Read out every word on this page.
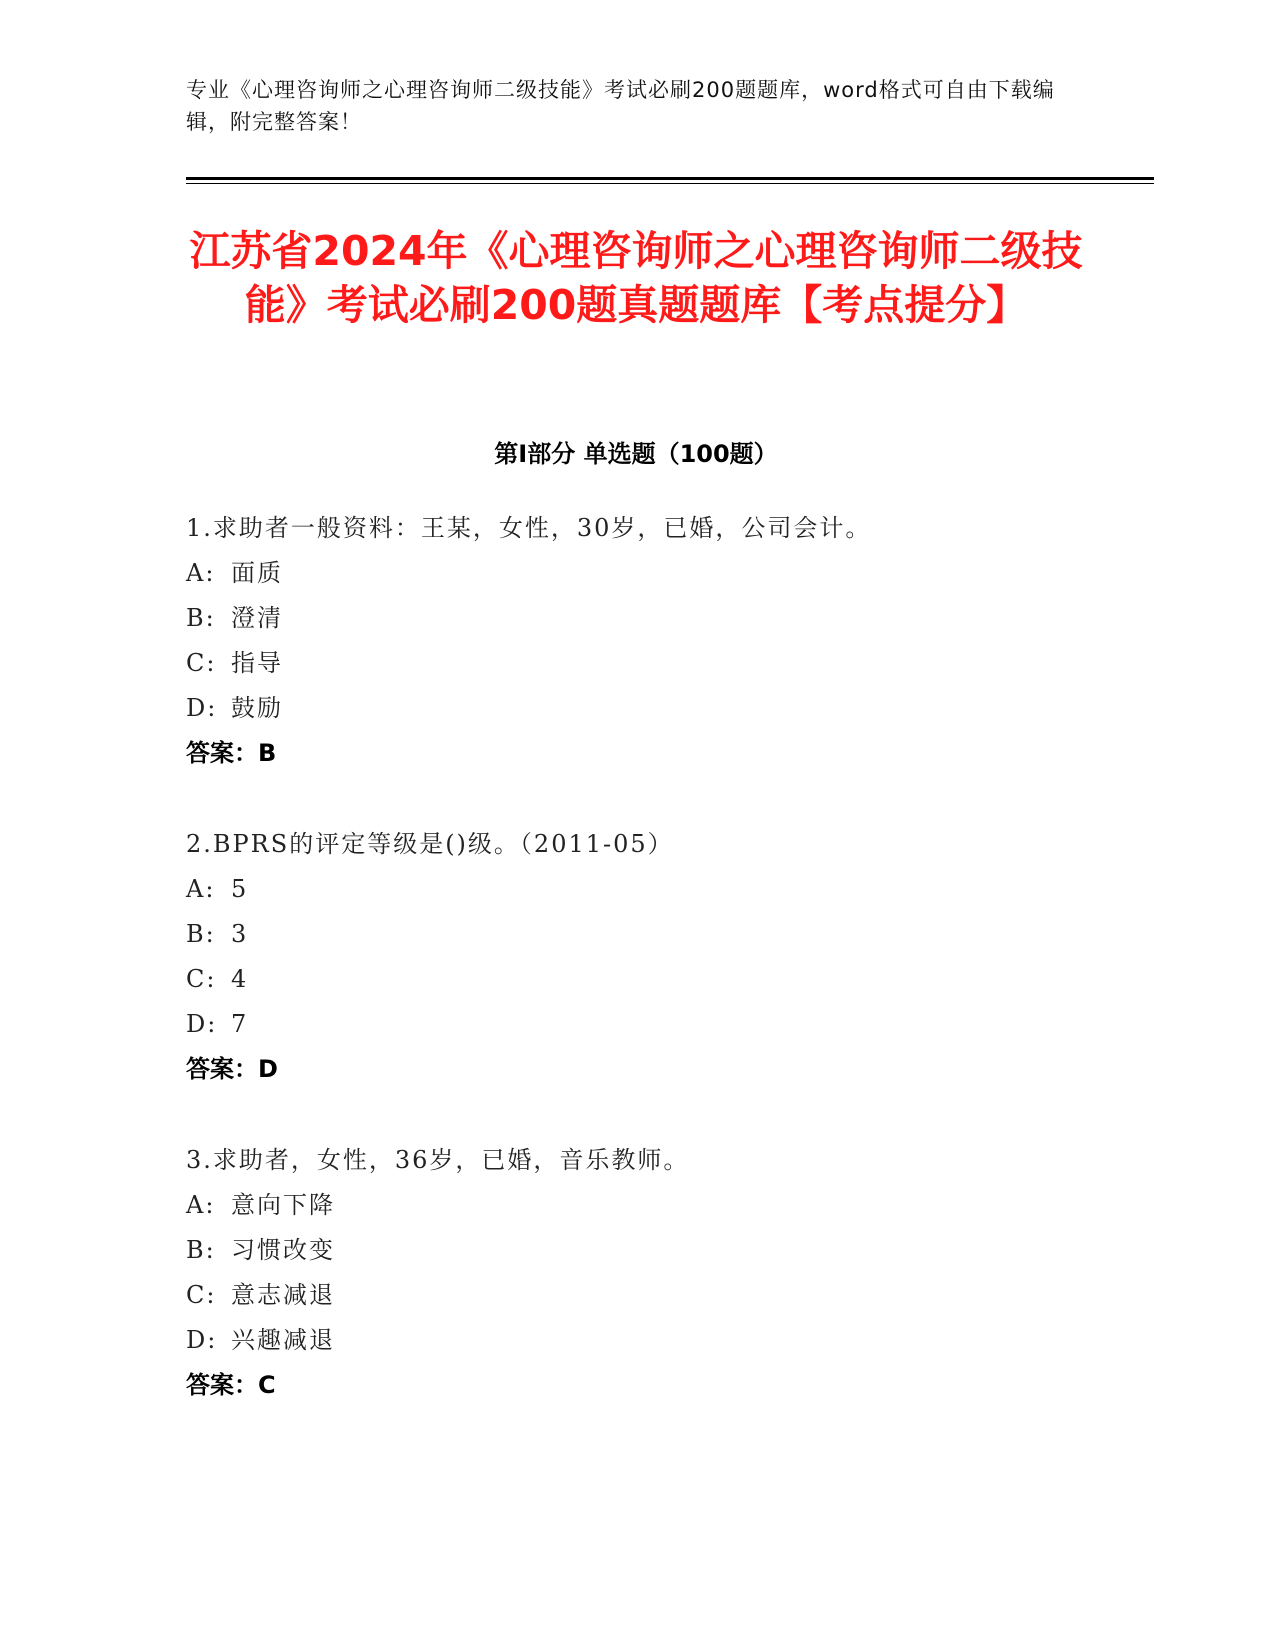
专业《心理咨询师之心理咨询师二级技能》考试必刷200题题库，word格式可自由下载编辑，附完整答案！
江苏省2024年《心理咨询师之心理咨询师二级技能》考试必刷200题真题题库【考点提分】
第Ⅰ部分 单选题（100题）
1.求助者一般资料：王某，女性，30岁，已婚，公司会计。
A: 面质
B: 澄清
C: 指导
D: 鼓励
答案：B
2.BPRS的评定等级是()级。（2011-05）
A: 5
B: 3
C: 4
D: 7
答案：D
3.求助者，女性，36岁，已婚，音乐教师。
A: 意向下降
B: 习惯改变
C: 意志减退
D: 兴趣减退
答案：C
